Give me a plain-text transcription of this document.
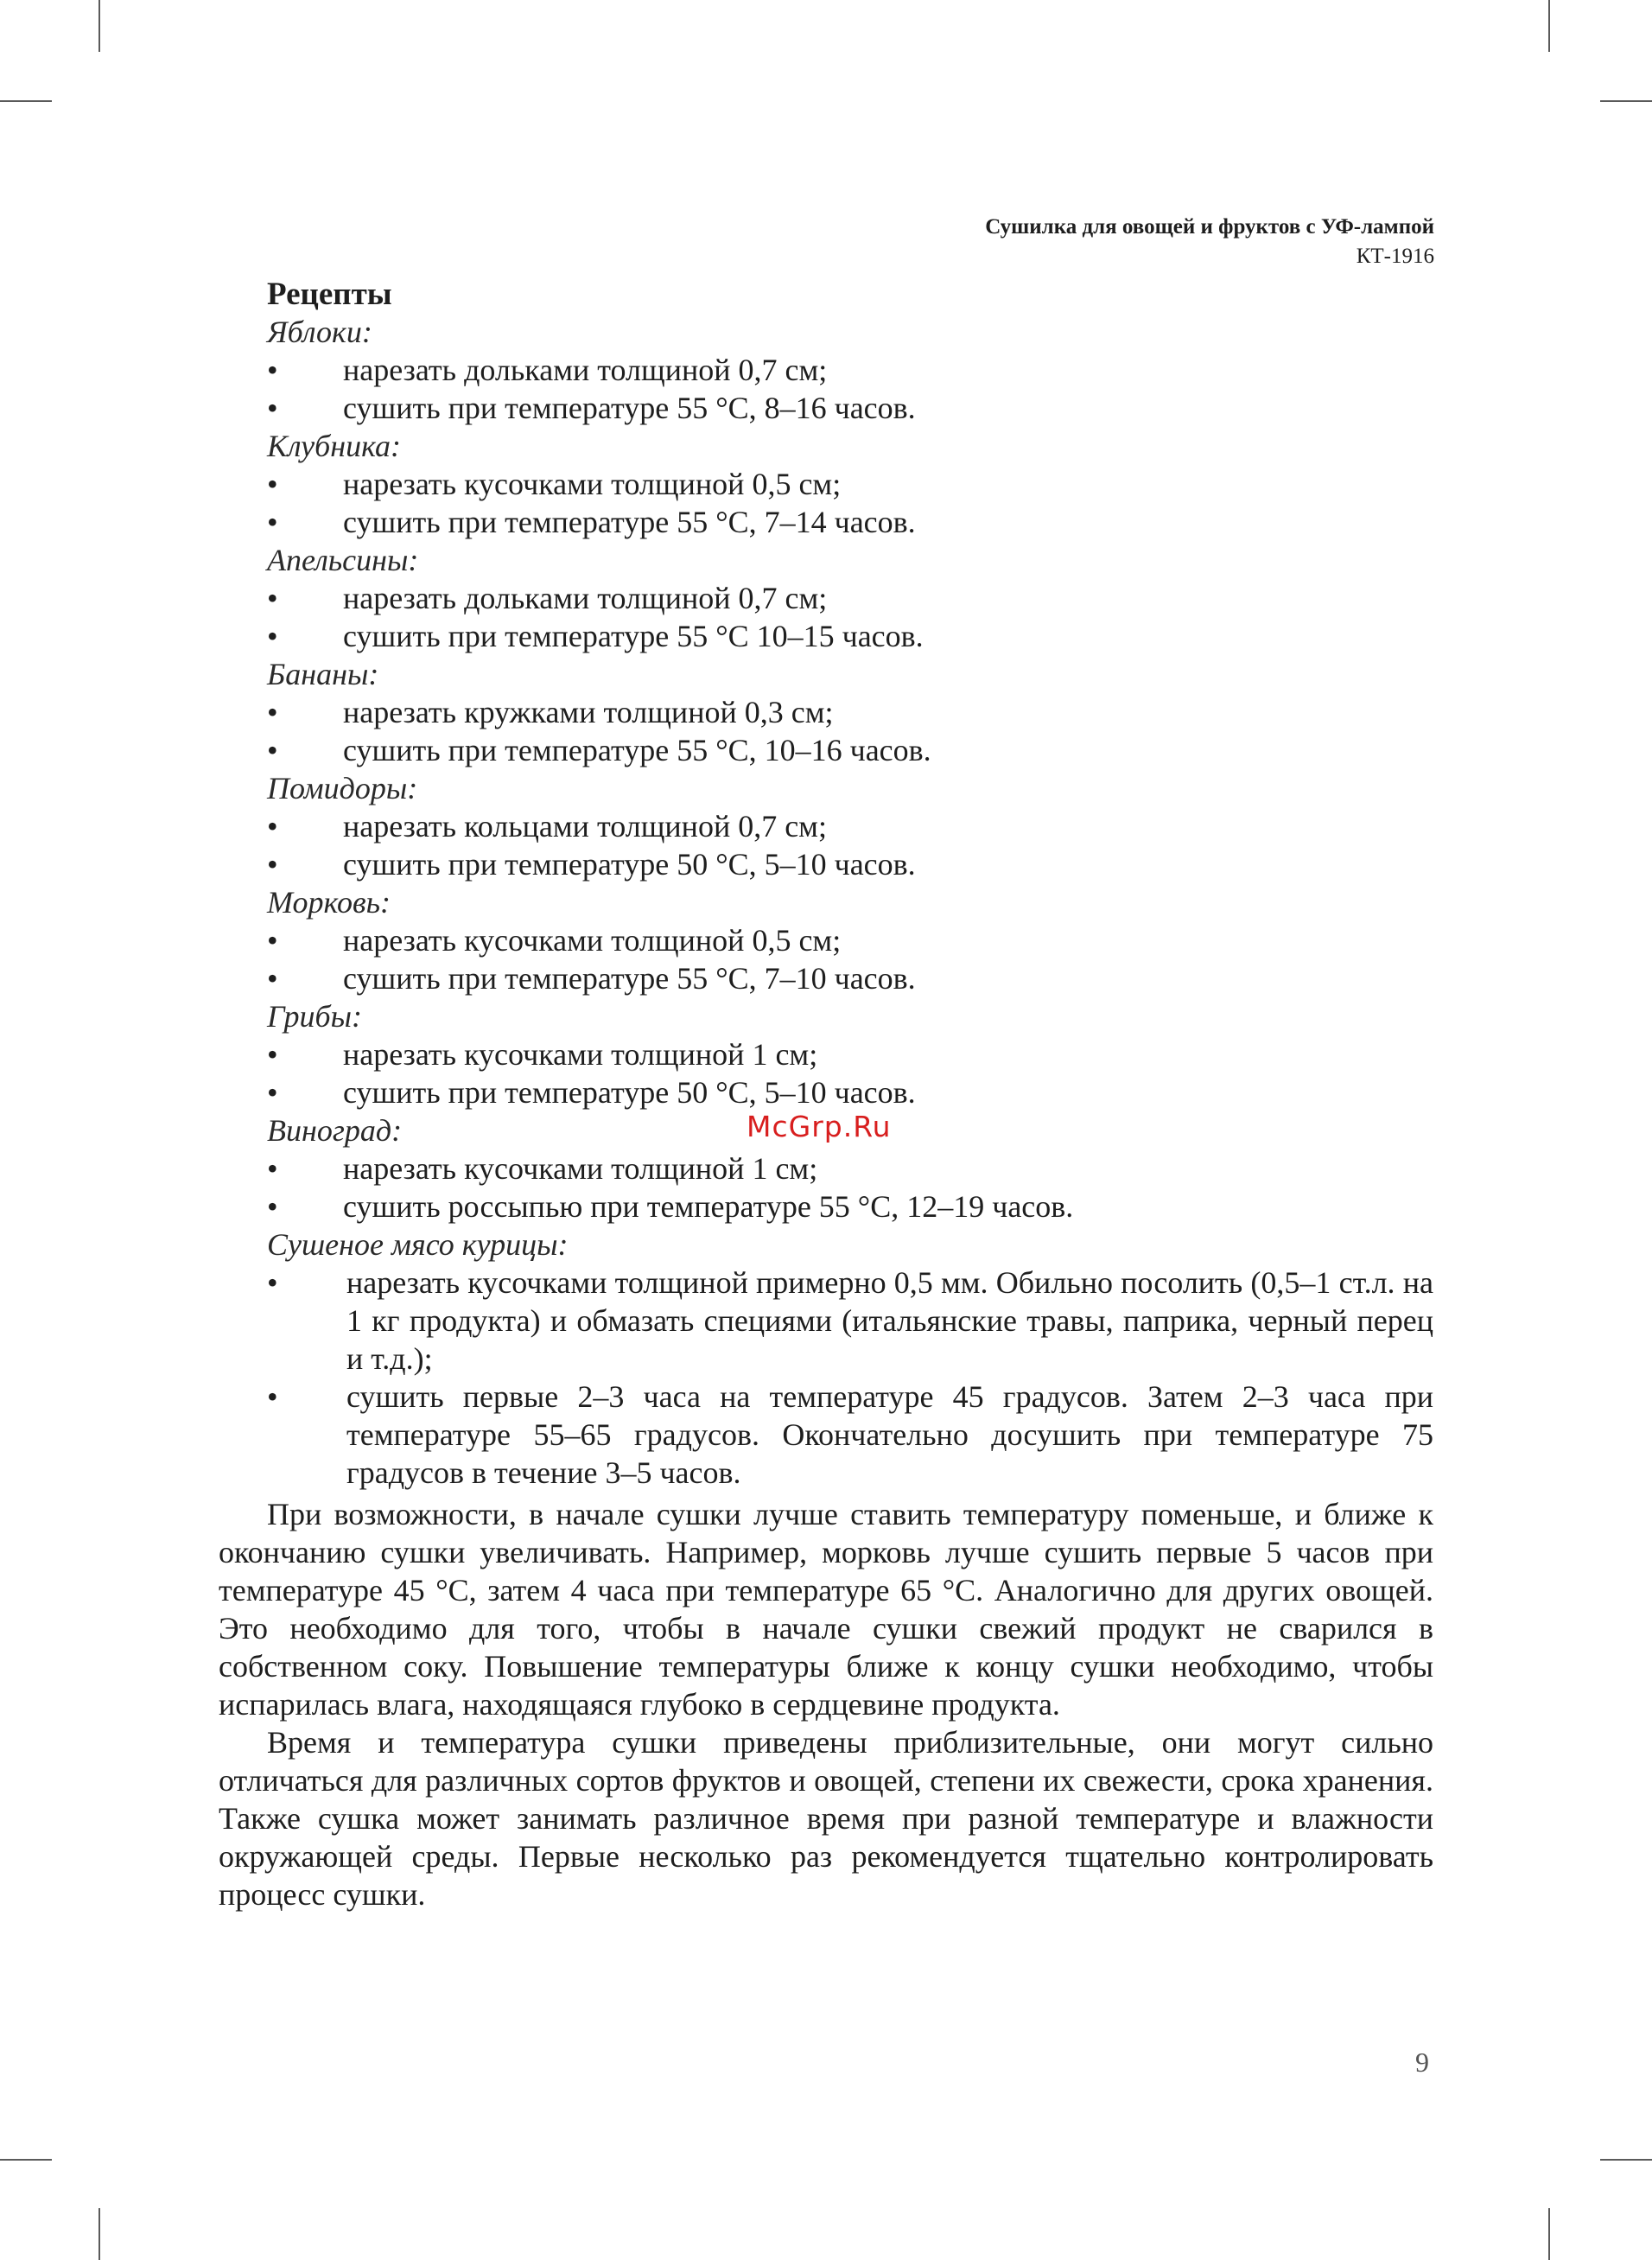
Сушилка для овощей и фруктов с УФ-лампой
КТ-1916
Рецепты
Яблоки:
• нарезать дольками толщиной 0,7 см;
• сушить при температуре 55 °С, 8–16 часов.
Клубника:
• нарезать кусочками толщиной 0,5 см;
• сушить при температуре 55 °С, 7–14 часов.
Апельсины:
• нарезать дольками толщиной 0,7 см;
• сушить при температуре 55 °С 10–15 часов.
Бананы:
• нарезать кружками толщиной 0,3 см;
• сушить при температуре 55 °С, 10–16 часов.
Помидоры:
• нарезать кольцами толщиной 0,7 см;
• сушить при температуре 50 °С, 5–10 часов.
Морковь:
• нарезать кусочками толщиной 0,5 см;
• сушить при температуре 55 °С, 7–10 часов.
Грибы:
• нарезать кусочками толщиной 1 см;
• сушить при температуре 50 °С, 5–10 часов.
Виноград:
• нарезать кусочками толщиной 1 см;
• сушить россыпью при температуре 55 °С, 12–19 часов.
Сушеное мясо курицы:
• нарезать кусочками толщиной примерно 0,5 мм. Обильно посолить (0,5–1 ст.л. на 1 кг продукта) и обмазать специями (итальянские травы, паприка, черный перец и т.д.);
• сушить первые 2–3 часа на температуре 45 градусов. Затем 2–3 часа при температуре 55–65 градусов. Окончательно досушить при температуре 75 градусов в течение 3–5 часов.

При возможности, в начале сушки лучше ставить температуру поменьше, и ближе к окончанию сушки увеличивать. Например, морковь лучше сушить первые 5 часов при температуре 45 °С, затем 4 часа при температуре 65 °С. Аналогично для других овощей. Это необходимо для того, чтобы в начале сушки свежий продукт не сварился в собственном соку. Повышение температуры ближе к концу сушки необходимо, чтобы испарилась влага, находящаяся глубоко в сердцевине продукта.

Время и температура сушки приведены приблизительные, они могут сильно отличаться для различных сортов фруктов и овощей, степени их свежести, срока хранения. Также сушка может занимать различное время при разной температуре и влажности окружающей среды. Первые несколько раз рекомендуется тщательно контролировать процесс сушки.

McGrp.Ru
9
